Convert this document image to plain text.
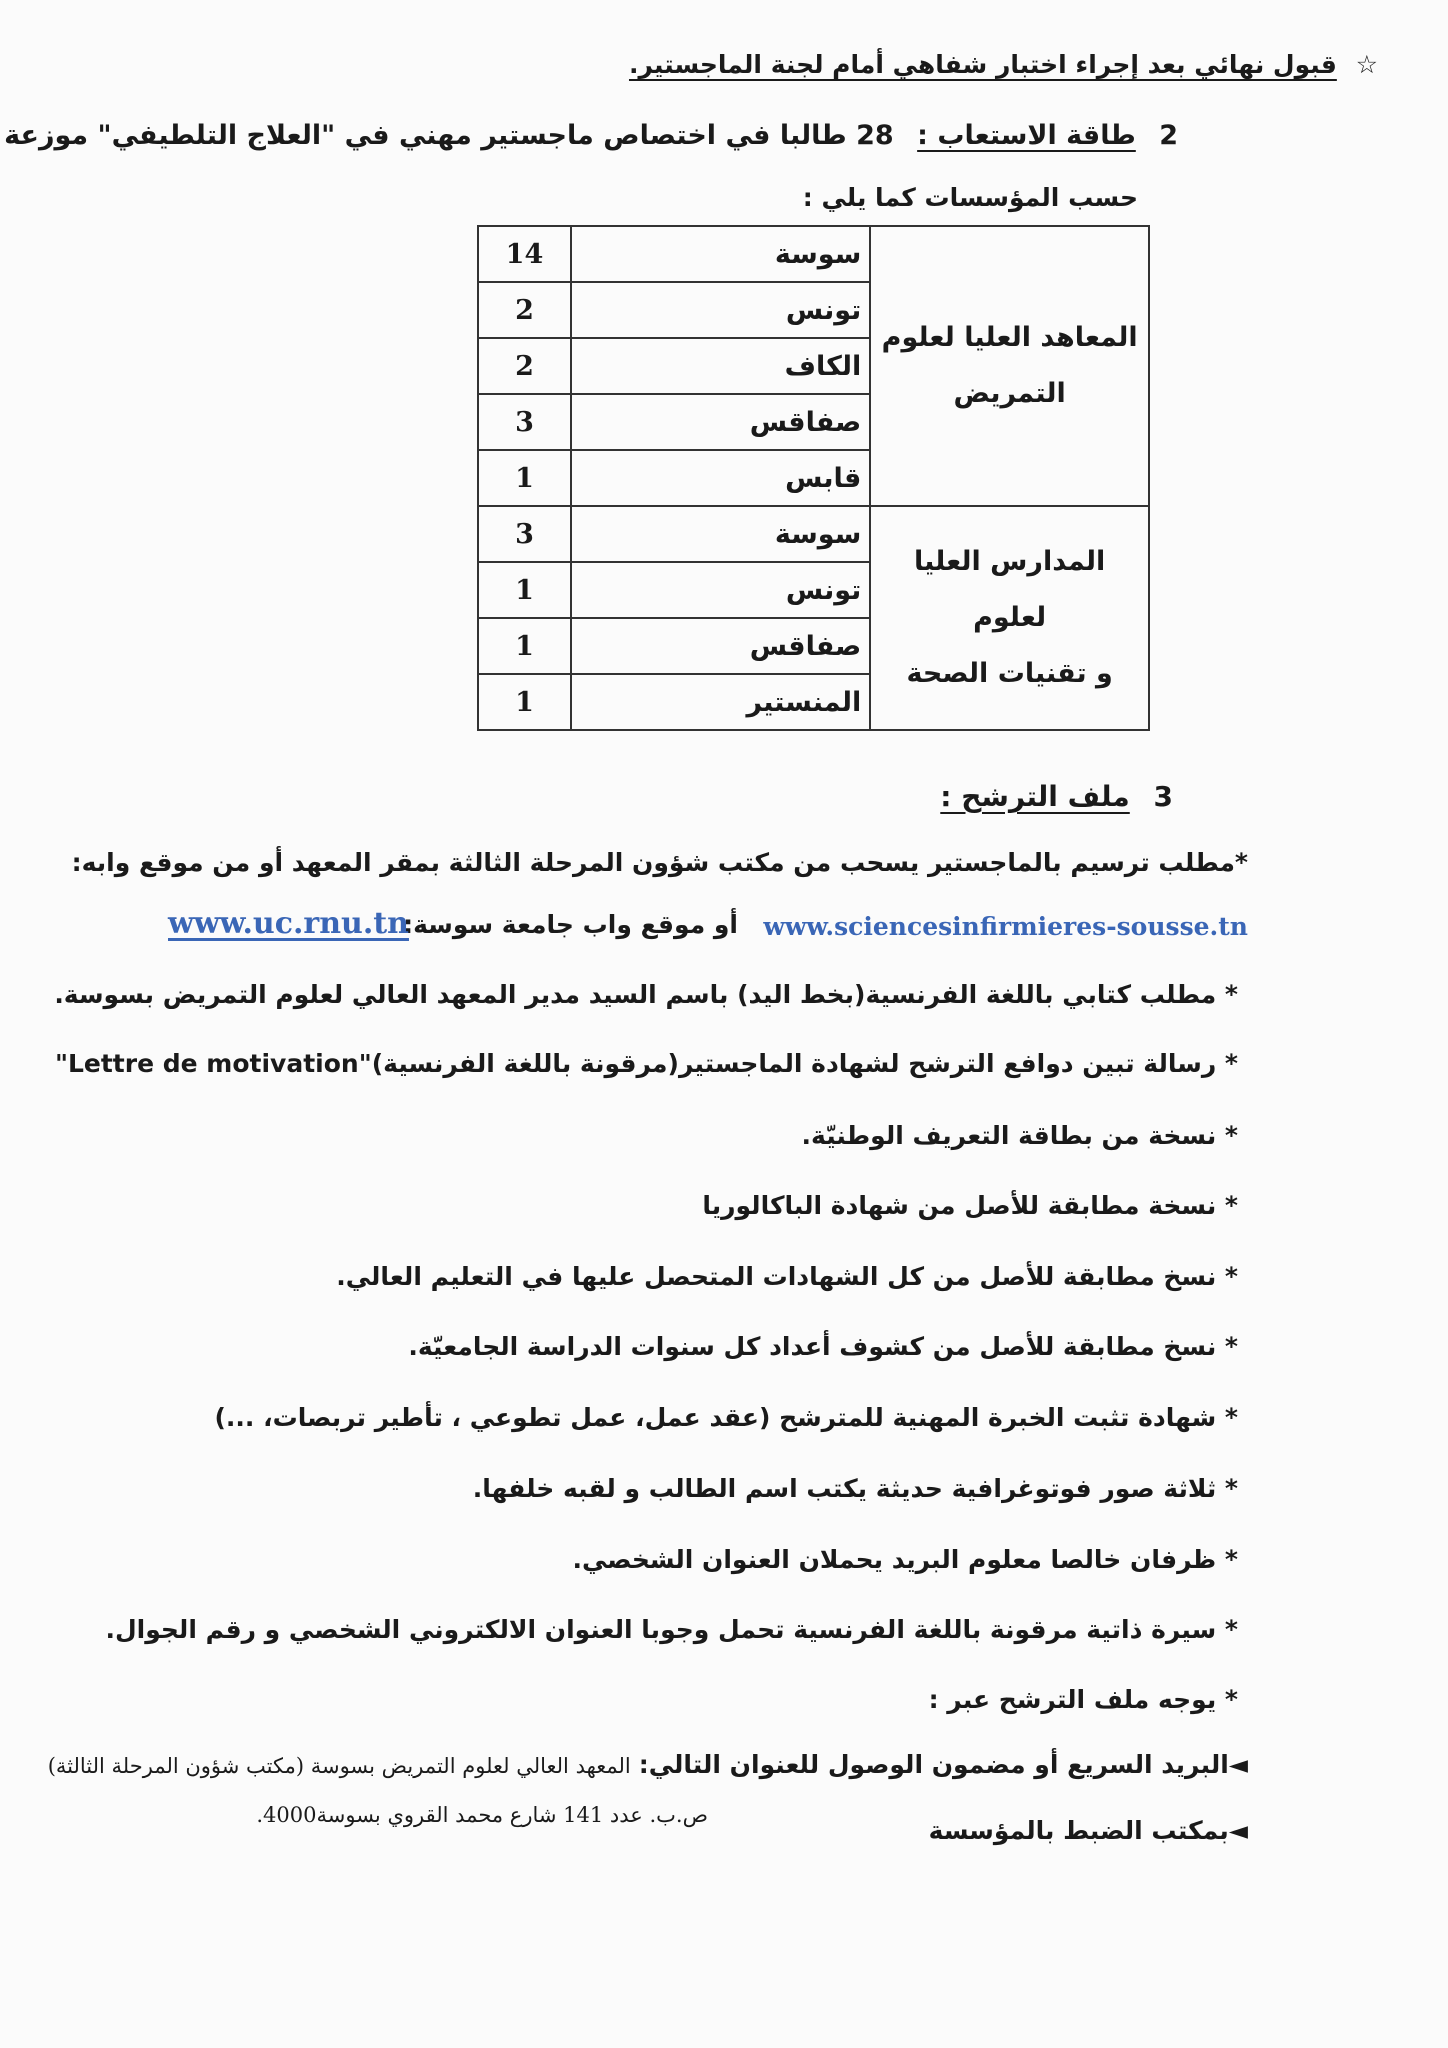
☆ قبول نهائي بعد إجراء اختبار شفاهي أمام لجنة الماجستير.
2 طاقة الاستعاب : 28 طالبا في اختصاص ماجستير مهني في "العلاج التلطيفي" موزعة
حسب المؤسسات كما يلي :
المعاهد العليا لعلوم
التمريض	سوسة	14
	تونس	2
	الكاف	2
	صفاقس	3
	قابس	1
المدارس العليا لعلوم
و تقنيات الصحة	سوسة	3
	تونس	1
	صفاقس	1
	المنستير	1
3 ملف الترشح :
*مطلب ترسيم بالماجستير يسحب من مكتب شؤون المرحلة الثالثة بمقر المعهد أو من موقع وابه:
www.sciencesinfirmieres-sousse.tn
أو موقع واب جامعة سوسة:
www.uc.rnu.tn
* مطلب كتابي باللغة الفرنسية(بخط اليد) باسم السيد مدير المعهد العالي لعلوم التمريض بسوسة.
* رسالة تبين دوافع الترشح لشهادة الماجستير(مرقونة باللغة الفرنسية)"Lettre de motivation"
* نسخة من بطاقة التعريف الوطنيّة.
* نسخة مطابقة للأصل من شهادة الباكالوريا
* نسخ مطابقة للأصل من كل الشهادات المتحصل عليها في التعليم العالي.
* نسخ مطابقة للأصل من كشوف أعداد كل سنوات الدراسة الجامعيّة.
* شهادة تثبت الخبرة المهنية للمترشح (عقد عمل، عمل تطوعي ، تأطير تربصات، ...)
* ثلاثة صور فوتوغرافية حديثة يكتب اسم الطالب و لقبه خلفها.
* ظرفان خالصا معلوم البريد يحملان العنوان الشخصي.
* سيرة ذاتية مرقونة باللغة الفرنسية تحمل وجوبا العنوان الالكتروني الشخصي و رقم الجوال.
* يوجه ملف الترشح عبر :
◄البريد السريع أو مضمون الوصول للعنوان التالي: المعهد العالي لعلوم التمريض بسوسة (مكتب شؤون المرحلة الثالثة)
ص.ب. عدد 141 شارع محمد القروي بسوسة4000.
◄بمكتب الضبط بالمؤسسة
